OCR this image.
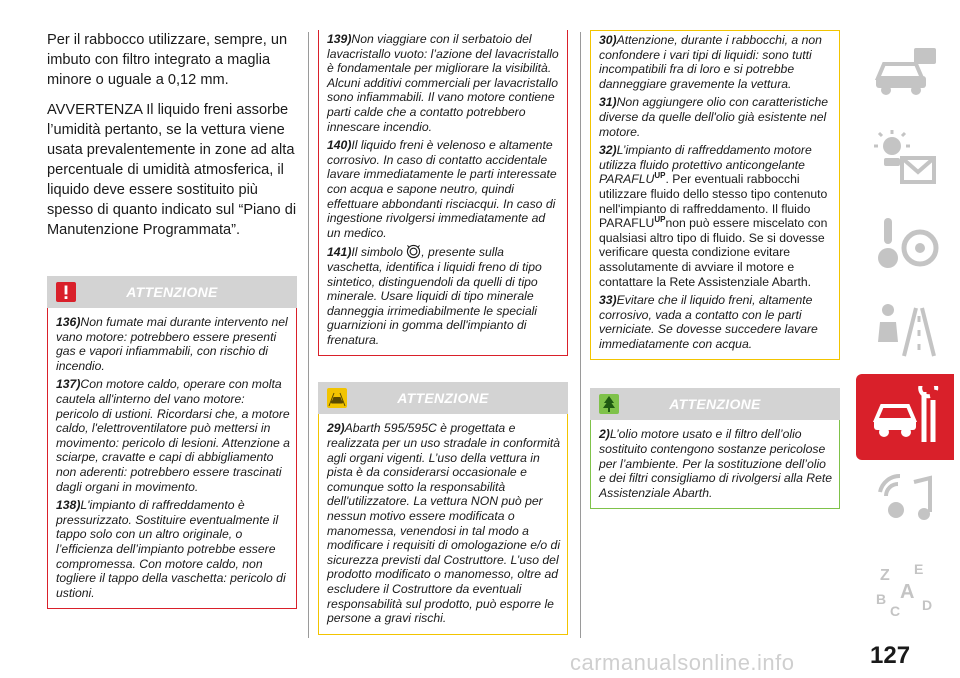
Per il rabbocco utilizzare, sempre, un imbuto con filtro integrato a maglia minore o uguale a 0,12 mm.

AVVERTENZA Il liquido freni assorbe l’umidità pertanto, se la vettura viene usata prevalentemente in zone ad alta percentuale di umidità atmosferica, il liquido deve essere sostituito più spesso di quanto indicato sul “Piano di Manutenzione Programmata”.

ATTENZIONE

136)Non fumate mai durante intervento nel vano motore: potrebbero essere presenti gas e vapori infiammabili, con rischio di incendio.

137)Con motore caldo, operare con molta cautela all'interno del vano motore: pericolo di ustioni. Ricordarsi che, a motore caldo, l'elettroventilatore può mettersi in movimento: pericolo di lesioni. Attenzione a sciarpe, cravatte e capi di abbigliamento non aderenti: potrebbero essere trascinati dagli organi in movimento.

138)L'impianto di raffreddamento è pressurizzato. Sostituire eventualmente il tappo solo con un altro originale, o l’efficienza dell’impianto potrebbe essere compromessa. Con motore caldo, non togliere il tappo della vaschetta: pericolo di ustioni.

139)Non viaggiare con il serbatoio del lavacristallo vuoto: l’azione del lavacristallo è fondamentale per migliorare la visibilità. Alcuni additivi commerciali per lavacristallo sono infiammabili. Il vano motore contiene parti calde che a contatto potrebbero innescare incendio.

140)Il liquido freni è velenoso e altamente corrosivo. In caso di contatto accidentale lavare immediatamente le parti interessate con acqua e sapone neutro, quindi effettuare abbondanti risciacqui. In caso di ingestione rivolgersi immediatamente ad un medico.

141)Il simbolo , presente sulla vaschetta, identifica i liquidi freno di tipo sintetico, distinguendoli da quelli di tipo minerale. Usare liquidi di tipo minerale danneggia irrimediabilmente le speciali guarnizioni in gomma dell'impianto di frenatura.

ATTENZIONE

29)Abarth 595/595C è progettata e realizzata per un uso stradale in conformità agli organi vigenti. L’uso della vettura in pista è da considerarsi occasionale e comunque sotto la responsabilità dell'utilizzatore. La vettura NON può per nessun motivo essere modificata o manomessa, venendosi in tal modo a modificare i requisiti di omologazione e/o di sicurezza previsti dal Costruttore. L’uso del prodotto modificato o manomesso, oltre ad escludere il Costruttore da eventuali responsabilità sul prodotto, può esporre le persone a gravi rischi.

30)Attenzione, durante i rabbocchi, a non confondere i vari tipi di liquidi: sono tutti incompatibili fra di loro e si potrebbe danneggiare gravemente la vettura.

31)Non aggiungere olio con caratteristiche diverse da quelle dell'olio già esistente nel motore.

32)L’impianto di raffreddamento motore utilizza fluido protettivo anticongelante $PARAFLU^{UP}$. Per eventuali rabbocchi utilizzare fluido dello stesso tipo contenuto nell'impianto di raffreddamento. Il fluido $PARAFLU^{UP}non$ può essere miscelato con qualsiasi altro tipo di fluido. Se si dovesse verificare questa condizione evitare assolutamente di avviare il motore e contattare la Rete Assistenziale Abarth.

33)Evitare che il liquido freni, altamente corrosivo, vada a contatto con le parti verniciate. Se dovesse succedere lavare immediatamente con acqua.

ATTENZIONE

2)L’olio motore usato e il filtro dell’olio sostituito contengono sostanze pericolose per l’ambiente. Per la sostituzione dell’olio e dei filtri consigliamo di rivolgersi alla Rete Assistenziale Abarth.

Z E
A
B
C D
carmanualsonline.info	127
